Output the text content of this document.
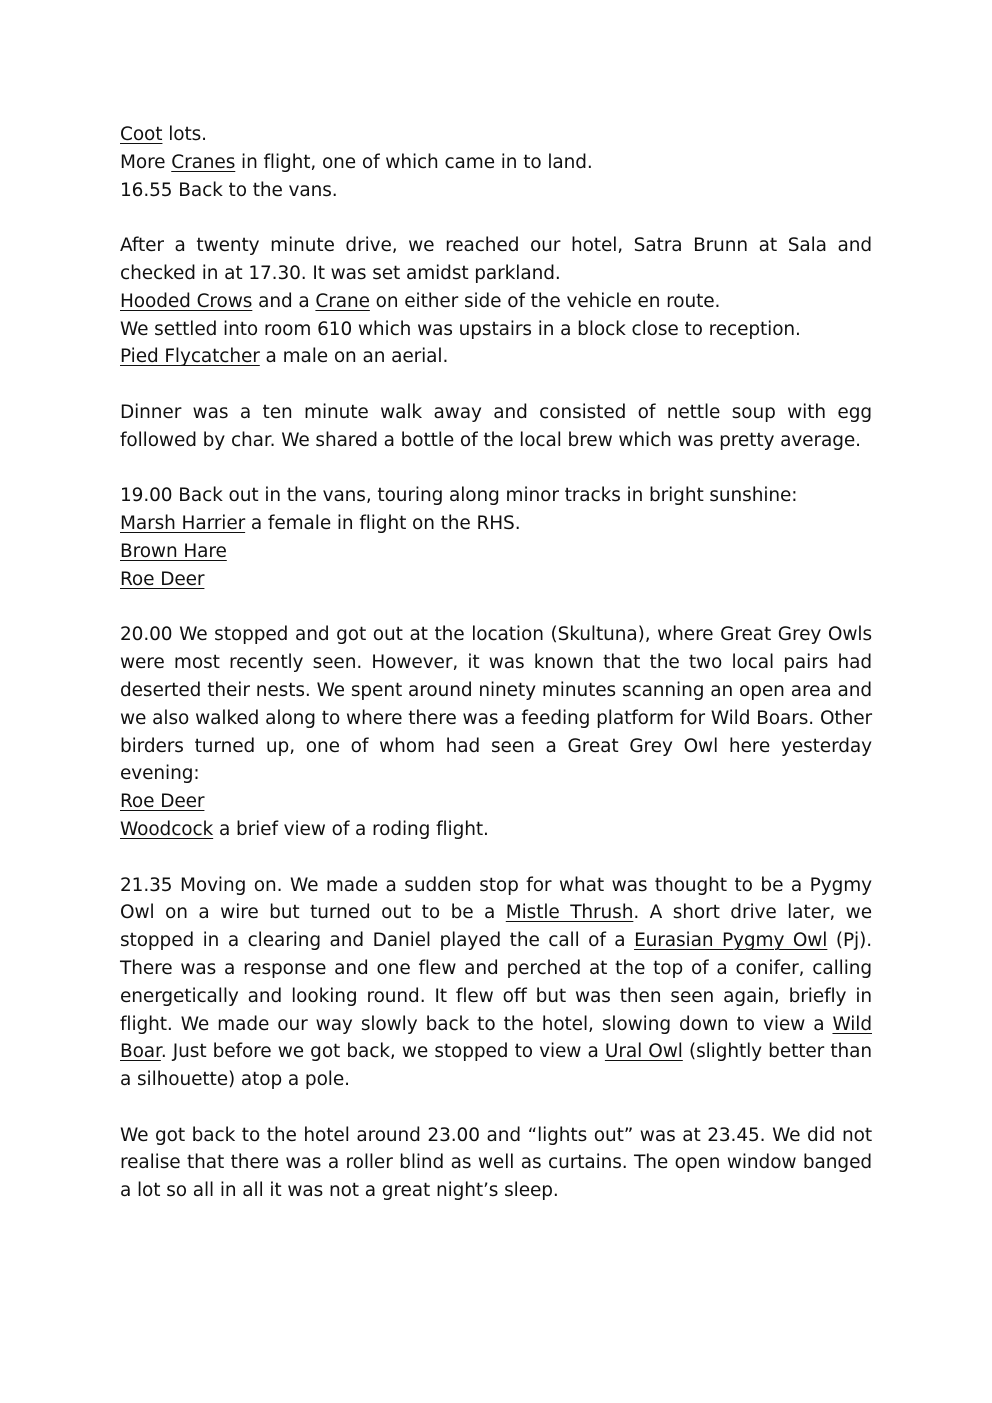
Coot lots.
More Cranes in flight, one of which came in to land.
16.55 Back to the vans.
After a twenty minute drive, we reached our hotel, Satra Brunn at Sala and checked in at 17.30. It was set amidst parkland.
Hooded Crows and a Crane on either side of the vehicle en route.
We settled into room 610 which was upstairs in a block close to reception.
Pied Flycatcher a male on an aerial.
Dinner was a ten minute walk away and consisted of nettle soup with egg followed by char. We shared a bottle of the local brew which was pretty average.
19.00 Back out in the vans, touring along minor tracks in bright sunshine:
Marsh Harrier a female in flight on the RHS.
Brown Hare
Roe Deer
20.00 We stopped and got out at the location (Skultuna), where Great Grey Owls were most recently seen. However, it was known that the two local pairs had deserted their nests. We spent around ninety minutes scanning an open area and we also walked along to where there was a feeding platform for Wild Boars. Other birders turned up, one of whom had seen a Great Grey Owl here yesterday evening:
Roe Deer
Woodcock a brief view of a roding flight.
21.35 Moving on. We made a sudden stop for what was thought to be a Pygmy Owl on a wire but turned out to be a Mistle Thrush. A short drive later, we stopped in a clearing and Daniel played the call of a Eurasian Pygmy Owl (Pj). There was a response and one flew and perched at the top of a conifer, calling energetically and looking round. It flew off but was then seen again, briefly in flight. We made our way slowly back to the hotel, slowing down to view a Wild Boar. Just before we got back, we stopped to view a Ural Owl (slightly better than a silhouette) atop a pole.
We got back to the hotel around 23.00 and “lights out” was at 23.45. We did not realise that there was a roller blind as well as curtains. The open window banged a lot so all in all it was not a great night’s sleep.
